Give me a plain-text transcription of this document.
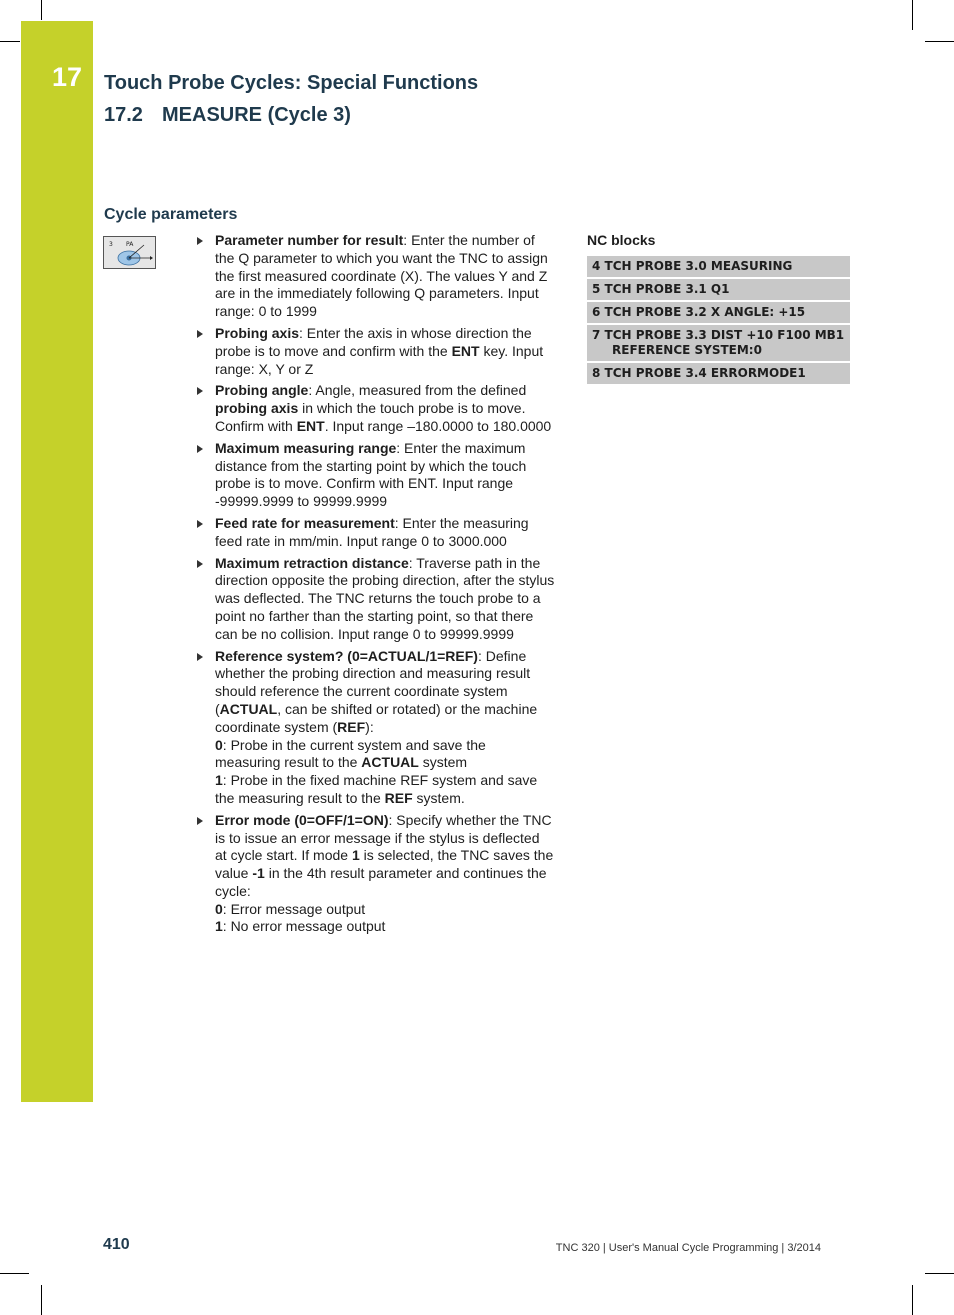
17 Touch Probe Cycles: Special Functions
17.2 MEASURE (Cycle 3)
Cycle parameters
3 PA	Parameter number for result: Enter the number of the Q parameter to which you want the TNC to assign the first measured coordinate (X). The values Y and Z are in the immediately following Q parameters. Input range: 0 to 1999
Probing axis: Enter the axis in whose direction the probe is to move and confirm with the ENT key. Input range: X, Y or Z
Probing angle: Angle, measured from the defined probing axis in which the touch probe is to move. Confirm with ENT. Input range –180.0000 to 180.0000
Maximum measuring range: Enter the maximum distance from the starting point by which the touch probe is to move. Confirm with ENT. Input range -99999.9999 to 99999.9999
Feed rate for measurement: Enter the measuring feed rate in mm/min. Input range 0 to 3000.000
Maximum retraction distance: Traverse path in the direction opposite the probing direction, after the stylus was deflected. The TNC returns the touch probe to a point no farther than the starting point, so that there can be no collision. Input range 0 to 99999.9999
Reference system? (0=ACTUAL/1=REF): Define whether the probing direction and measuring result should reference the current coordinate system (ACTUAL, can be shifted or rotated) or the machine coordinate system (REF):
0: Probe in the current system and save the measuring result to the ACTUAL system
1: Probe in the fixed machine REF system and save the measuring result to the REF system.
Error mode (0=OFF/1=ON): Specify whether the TNC is to issue an error message if the stylus is deflected at cycle start. If mode 1 is selected, the TNC saves the value -1 in the 4th result parameter and continues the cycle:
0: Error message output
1: No error message output
NC blocks
4 TCH PROBE 3.0 MEASURING
5 TCH PROBE 3.1 Q1
6 TCH PROBE 3.2 X ANGLE: +15
7 TCH PROBE 3.3 DIST +10 F100 MB1
REFERENCE SYSTEM:0
8 TCH PROBE 3.4 ERRORMODE1
410	TNC 320 | User's Manual Cycle Programming | 3/2014
